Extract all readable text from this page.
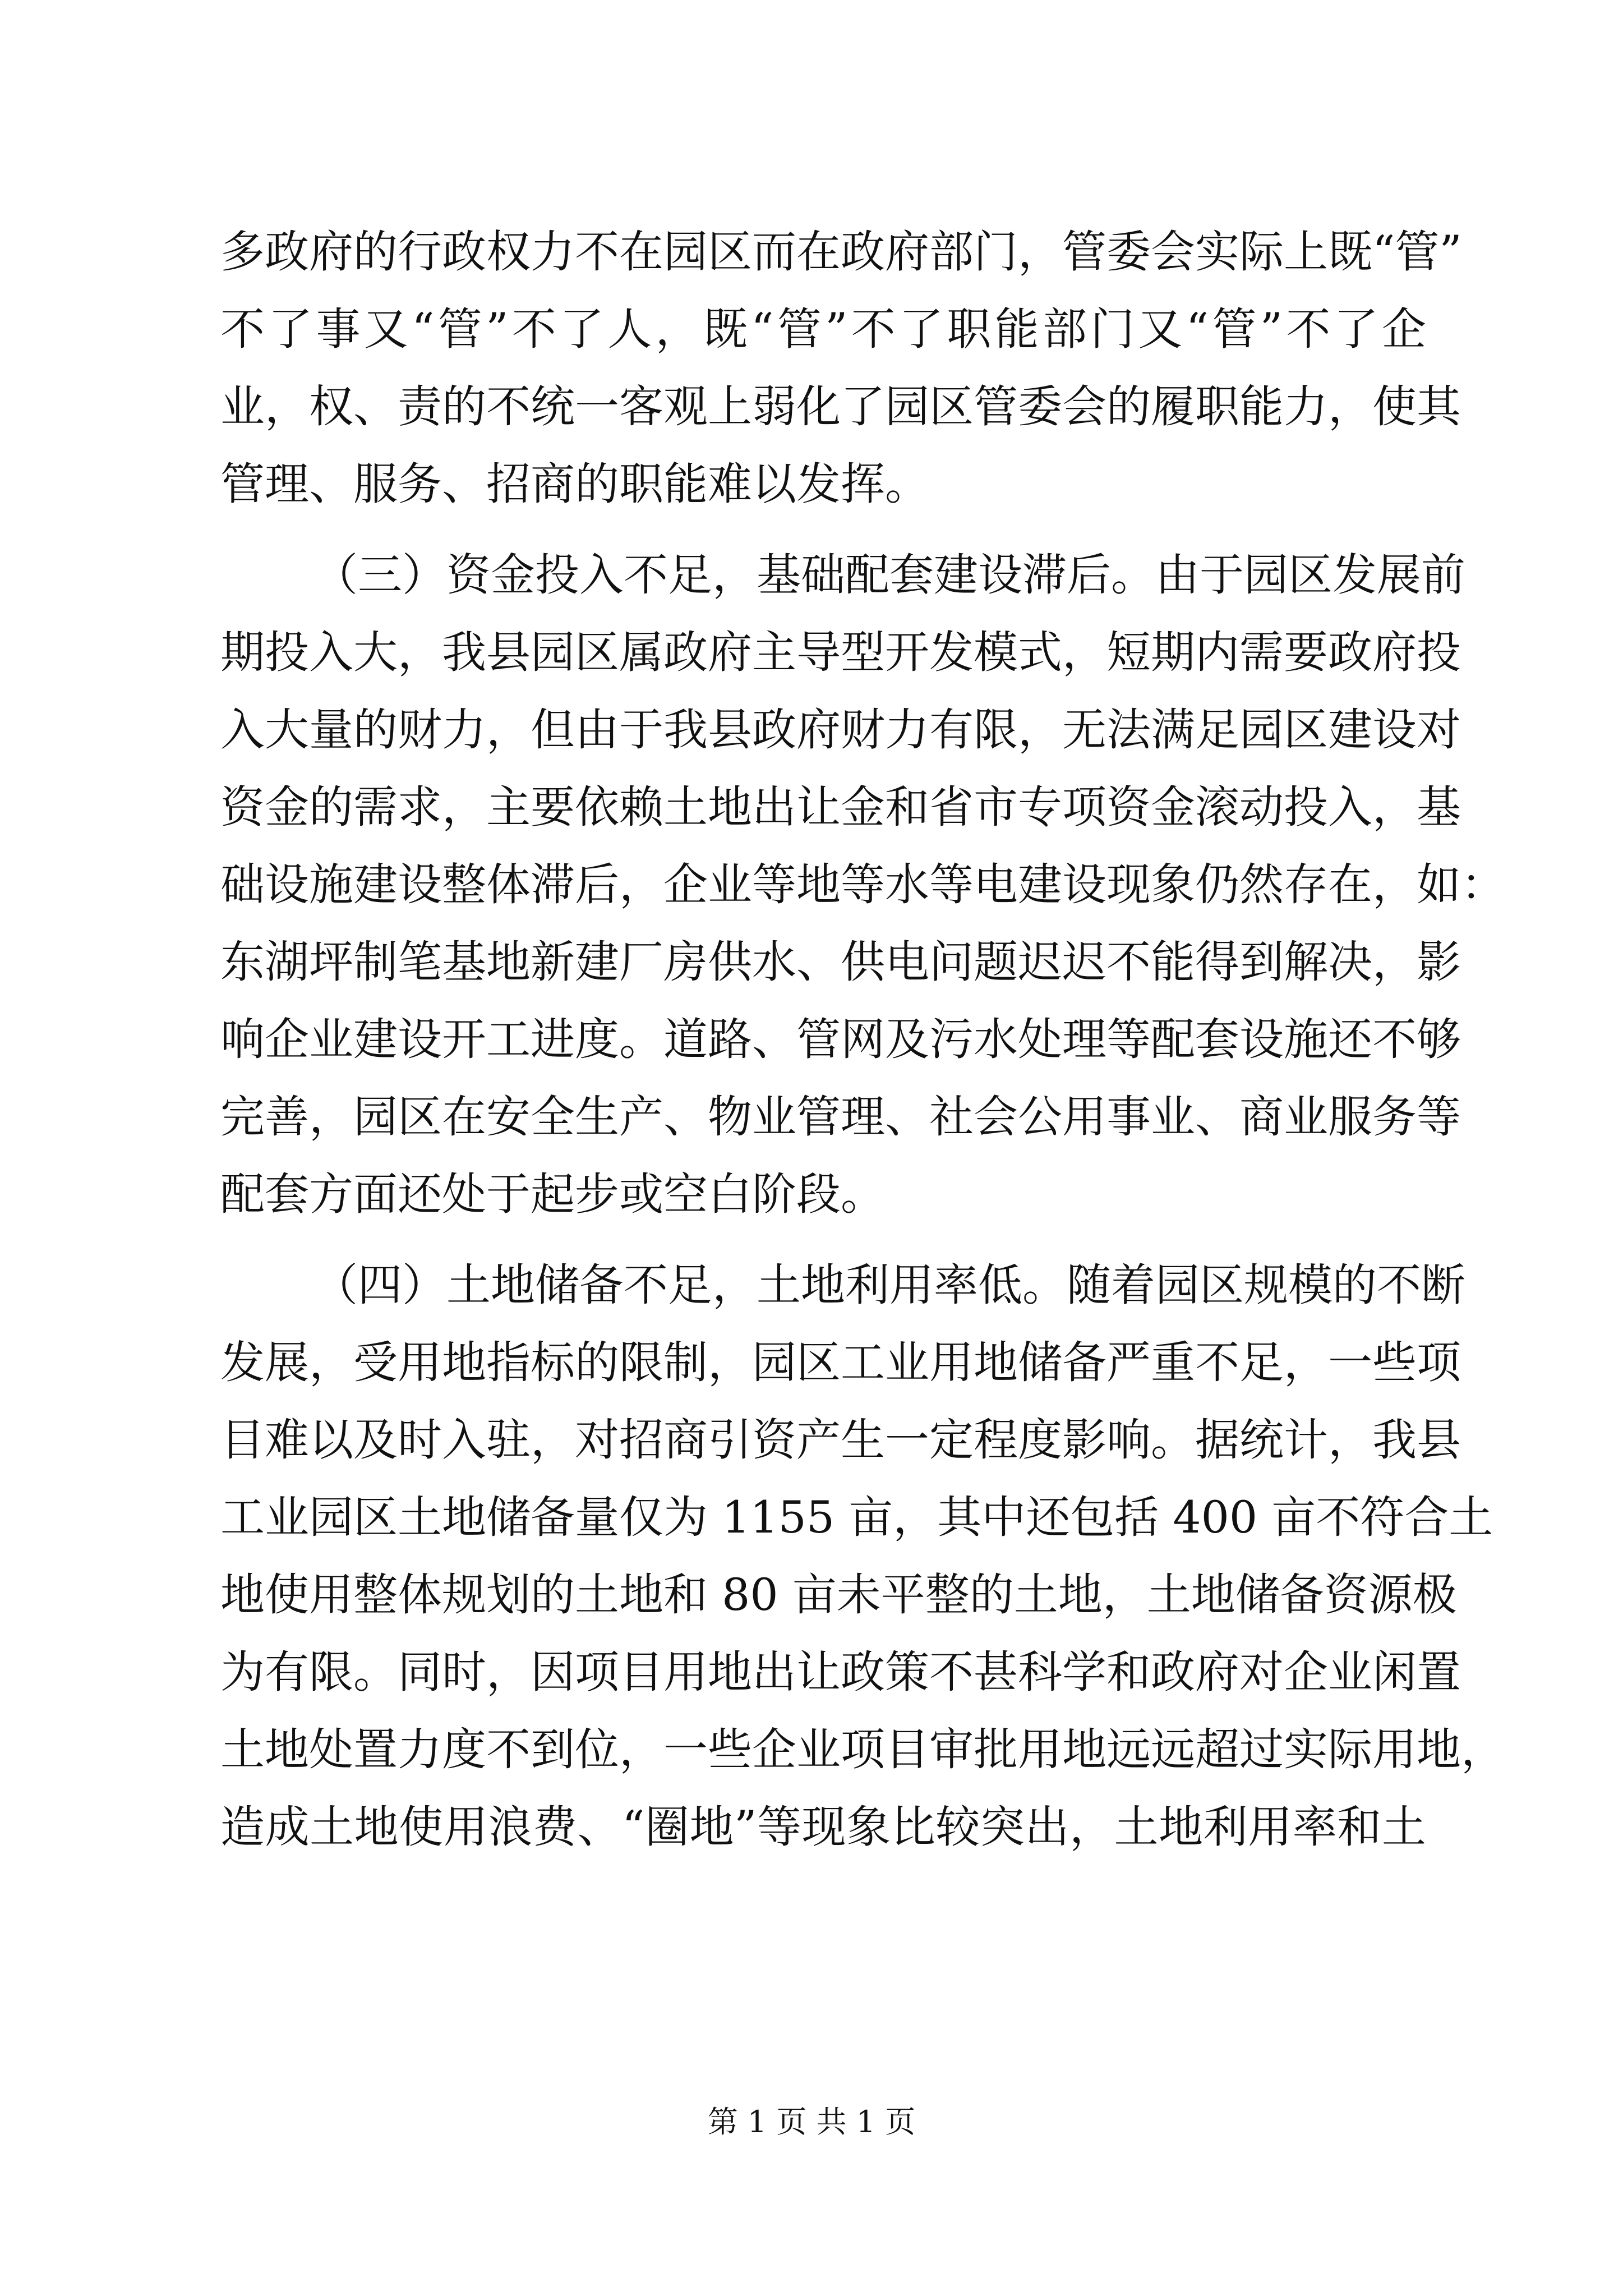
多政府的行政权力不在园区而在政府部门，管委会实际上既“管”
不了事又“管”不了人，既“管”不了职能部门又“管”不了企
业，权、责的不统一客观上弱化了园区管委会的履职能力，使其
管理、服务、招商的职能难以发挥。
（三）资金投入不足，基础配套建设滞后。由于园区发展前
期投入大，我县园区属政府主导型开发模式，短期内需要政府投
入大量的财力，但由于我县政府财力有限，无法满足园区建设对
资金的需求，主要依赖土地出让金和省市专项资金滚动投入，基
础设施建设整体滞后，企业等地等水等电建设现象仍然存在，如：
东湖坪制笔基地新建厂房供水、供电问题迟迟不能得到解决，影
响企业建设开工进度。道路、管网及污水处理等配套设施还不够
完善，园区在安全生产、物业管理、社会公用事业、商业服务等
配套方面还处于起步或空白阶段。
（四）土地储备不足，土地利用率低。随着园区规模的不断
发展，受用地指标的限制，园区工业用地储备严重不足，一些项
目难以及时入驻，对招商引资产生一定程度影响。据统计，我县
工业园区土地储备量仅为 1155 亩，其中还包括 400 亩不符合土
地使用整体规划的土地和 80 亩未平整的土地，土地储备资源极
为有限。同时，因项目用地出让政策不甚科学和政府对企业闲置
土地处置力度不到位，一些企业项目审批用地远远超过实际用地，
造成土地使用浪费、“圈地”等现象比较突出，土地利用率和土
第 1 页 共 1 页
